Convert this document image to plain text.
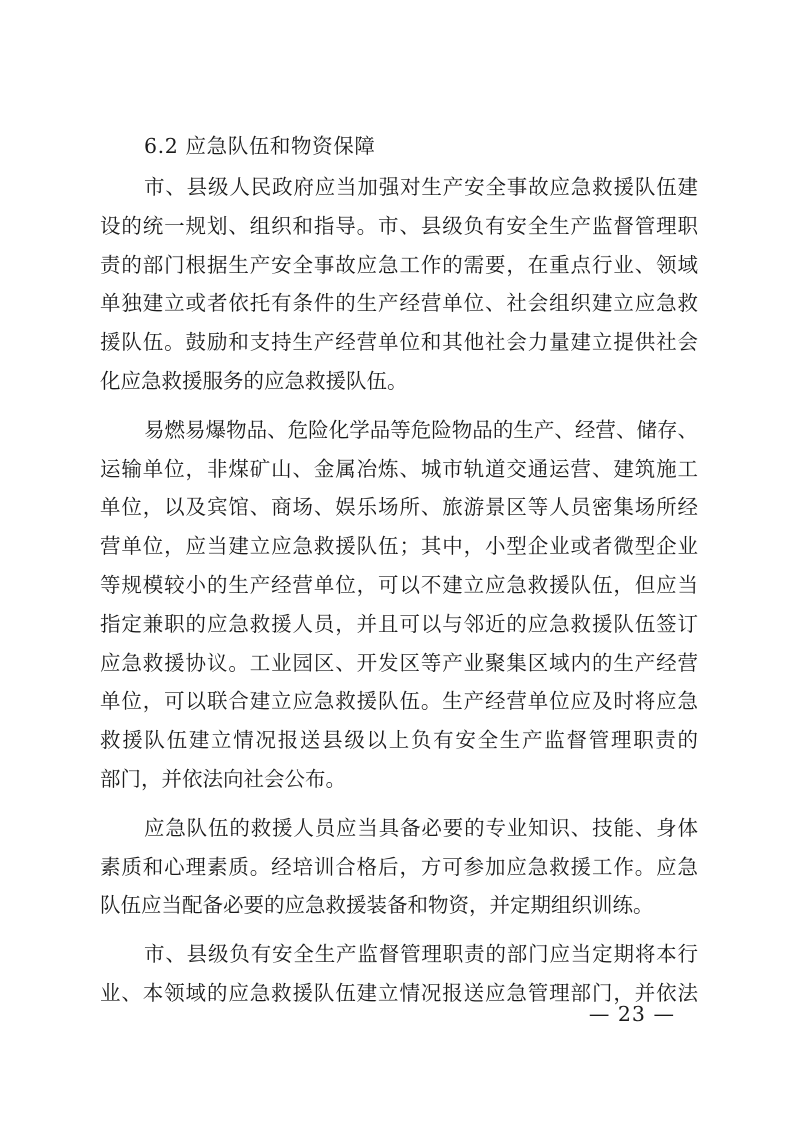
6.2 应急队伍和物资保障
市、县级人民政府应当加强对生产安全事故应急救援队伍建
设的统一规划、组织和指导。市、县级负有安全生产监督管理职
责的部门根据生产安全事故应急工作的需要，在重点行业、领域
单独建立或者依托有条件的生产经营单位、社会组织建立应急救
援队伍。鼓励和支持生产经营单位和其他社会力量建立提供社会
化应急救援服务的应急救援队伍。
易燃易爆物品、危险化学品等危险物品的生产、经营、储存、
运输单位，非煤矿山、金属冶炼、城市轨道交通运营、建筑施工
单位，以及宾馆、商场、娱乐场所、旅游景区等人员密集场所经
营单位，应当建立应急救援队伍；其中，小型企业或者微型企业
等规模较小的生产经营单位，可以不建立应急救援队伍，但应当
指定兼职的应急救援人员，并且可以与邻近的应急救援队伍签订
应急救援协议。工业园区、开发区等产业聚集区域内的生产经营
单位，可以联合建立应急救援队伍。生产经营单位应及时将应急
救援队伍建立情况报送县级以上负有安全生产监督管理职责的
部门，并依法向社会公布。
应急队伍的救援人员应当具备必要的专业知识、技能、身体
素质和心理素质。经培训合格后，方可参加应急救援工作。应急
队伍应当配备必要的应急救援装备和物资，并定期组织训练。
市、县级负有安全生产监督管理职责的部门应当定期将本行
业、本领域的应急救援队伍建立情况报送应急管理部门，并依法
— 23 —
